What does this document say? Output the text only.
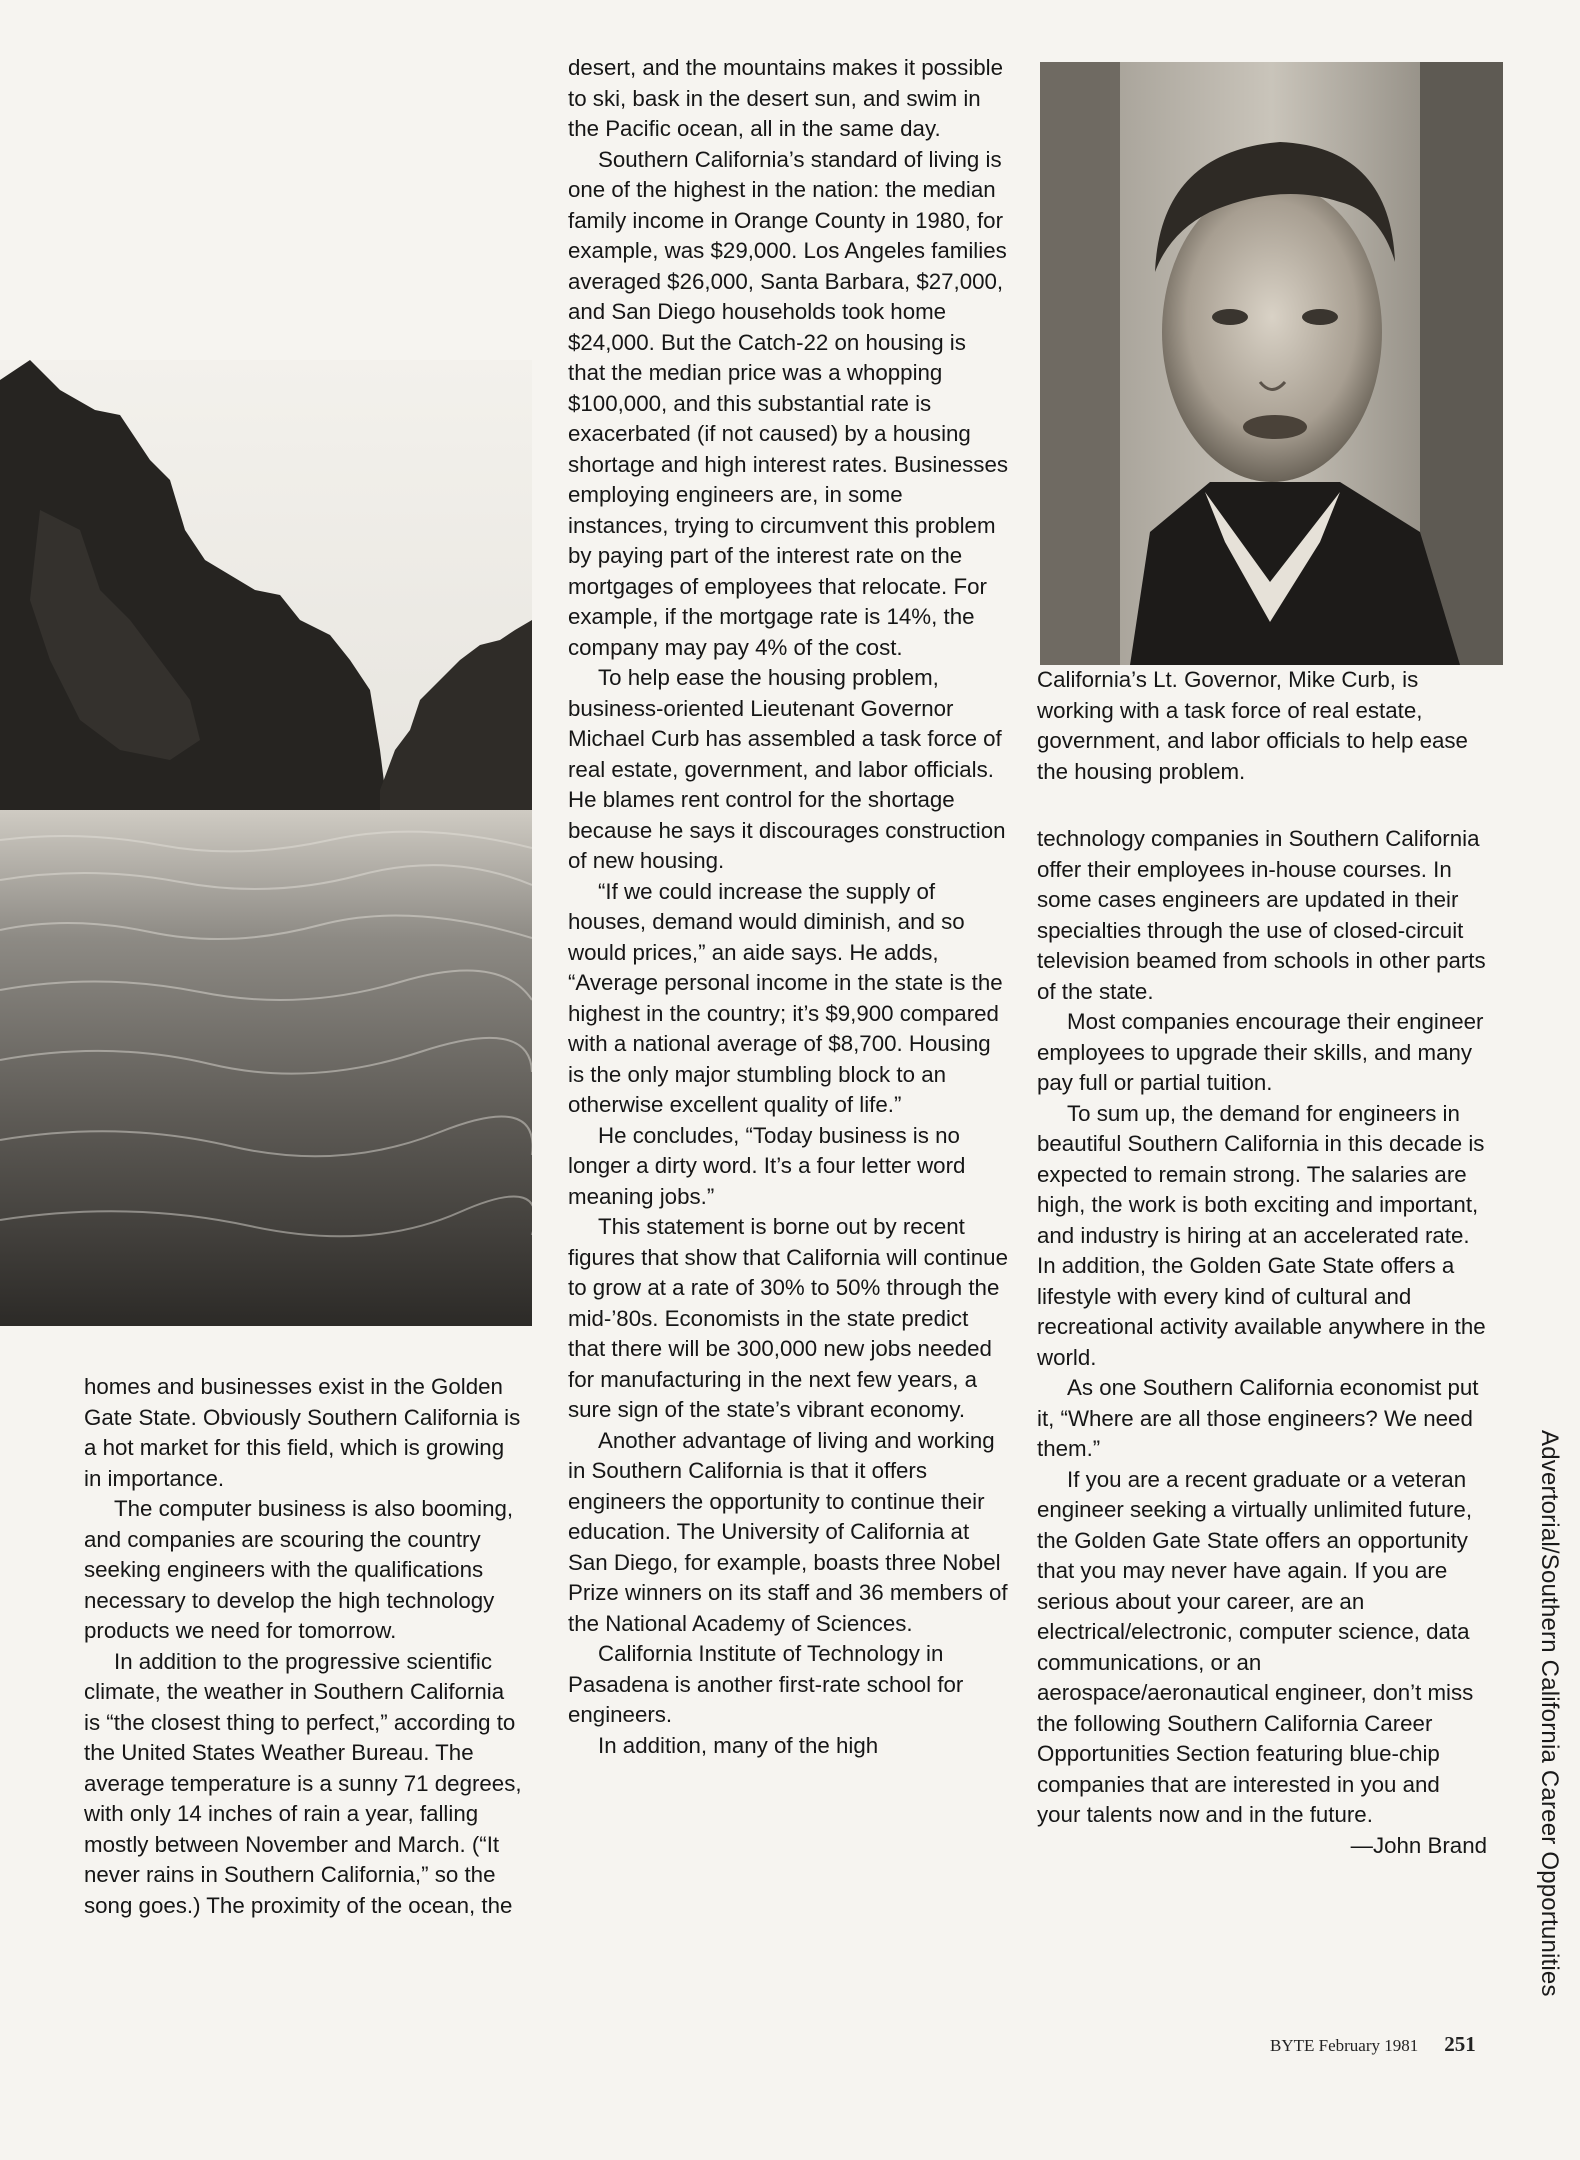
homes and businesses exist in the Golden Gate State. Obviously Southern California is a hot market for this field, which is growing in importance.

The computer business is also booming, and companies are scouring the country seeking engineers with the qualifications necessary to develop the high technology products we need for tomorrow.

In addition to the progressive scientific climate, the weather in Southern California is “the closest thing to perfect,” according to the United States Weather Bureau. The average temperature is a sunny 71 degrees, with only 14 inches of rain a year, falling mostly between November and March. (“It never rains in Southern California,” so the song goes.) The proximity of the ocean, the

desert, and the mountains makes it possible to ski, bask in the desert sun, and swim in the Pacific ocean, all in the same day.

Southern California’s standard of living is one of the highest in the nation: the median family income in Orange County in 1980, for example, was $29,000. Los Angeles families averaged $26,000, Santa Barbara, $27,000, and San Diego households took home $24,000. But the Catch-22 on housing is that the median price was a whopping $100,000, and this substantial rate is exacerbated (if not caused) by a housing shortage and high interest rates. Businesses employing engineers are, in some instances, trying to circumvent this problem by paying part of the interest rate on the mortgages of employees that relocate. For example, if the mortgage rate is 14%, the company may pay 4% of the cost.

To help ease the housing problem, business-oriented Lieutenant Governor Michael Curb has assembled a task force of real estate, government, and labor officials. He blames rent control for the shortage because he says it discourages construction of new housing.

“If we could increase the supply of houses, demand would diminish, and so would prices,” an aide says. He adds, “Average personal income in the state is the highest in the country; it’s $9,900 compared with a national average of $8,700. Housing is the only major stumbling block to an otherwise excellent quality of life.”

He concludes, “Today business is no longer a dirty word. It’s a four letter word meaning jobs.”

This statement is borne out by recent figures that show that California will continue to grow at a rate of 30% to 50% through the mid-’80s. Economists in the state predict that there will be 300,000 new jobs needed for manufacturing in the next few years, a sure sign of the state’s vibrant economy.

Another advantage of living and working in Southern California is that it offers engineers the opportunity to continue their education. The University of California at San Diego, for example, boasts three Nobel Prize winners on its staff and 36 members of the National Academy of Sciences.

California Institute of Technology in Pasadena is another first-rate school for engineers.

In addition, many of the high

California’s Lt. Governor, Mike Curb, is working with a task force of real estate, government, and labor officials to help ease the housing problem.

technology companies in Southern California offer their employees in-house courses. In some cases engineers are updated in their specialties through the use of closed-circuit television beamed from schools in other parts of the state.

Most companies encourage their engineer employees to upgrade their skills, and many pay full or partial tuition.

To sum up, the demand for engineers in beautiful Southern California in this decade is expected to remain strong. The salaries are high, the work is both exciting and important, and industry is hiring at an accelerated rate. In addition, the Golden Gate State offers a lifestyle with every kind of cultural and recreational activity available anywhere in the world.

As one Southern California economist put it, “Where are all those engineers? We need them.”

If you are a recent graduate or a veteran engineer seeking a virtually unlimited future, the Golden Gate State offers an opportunity that you may never have again. If you are serious about your career, are an electrical/electronic, computer science, data communications, or an aerospace/aeronautical engineer, don’t miss the following Southern California Career Opportunities Section featuring blue-chip companies that are interested in you and your talents now and in the future.

—John Brand Advertorial/Southern California Career Opportunities
BYTE February 1981 251
